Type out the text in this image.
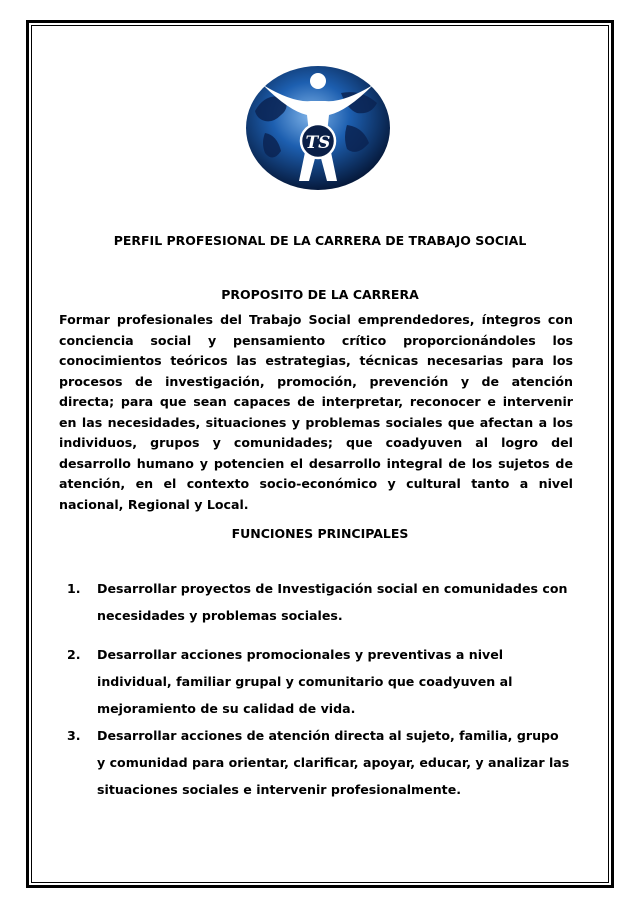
TS
PERFIL PROFESIONAL DE LA CARRERA DE TRABAJO SOCIAL
PROPOSITO DE LA CARRERA

Formar profesionales del Trabajo Social emprendedores, íntegros con conciencia social y pensamiento crítico proporcionándoles los conocimientos teóricos las estrategias, técnicas necesarias para los procesos de investigación, promoción, prevención y de atención directa; para que sean capaces de interpretar, reconocer e intervenir en las necesidades, situaciones y problemas sociales que afectan a los individuos, grupos y comunidades; que coadyuven al logro del desarrollo humano y potencien el desarrollo integral de los sujetos de atención, en el contexto socio-económico y cultural tanto a nivel nacional, Regional y Local.

FUNCIONES PRINCIPALES
1. Desarrollar proyectos de Investigación social en comunidades con necesidades y problemas sociales.
2. Desarrollar acciones promocionales y preventivas a nivel individual, familiar grupal y comunitario que coadyuven al mejoramiento de su calidad de vida.
3. Desarrollar acciones de atención directa al sujeto, familia, grupo y comunidad para orientar, clarificar, apoyar, educar, y analizar las situaciones sociales e intervenir profesionalmente.
